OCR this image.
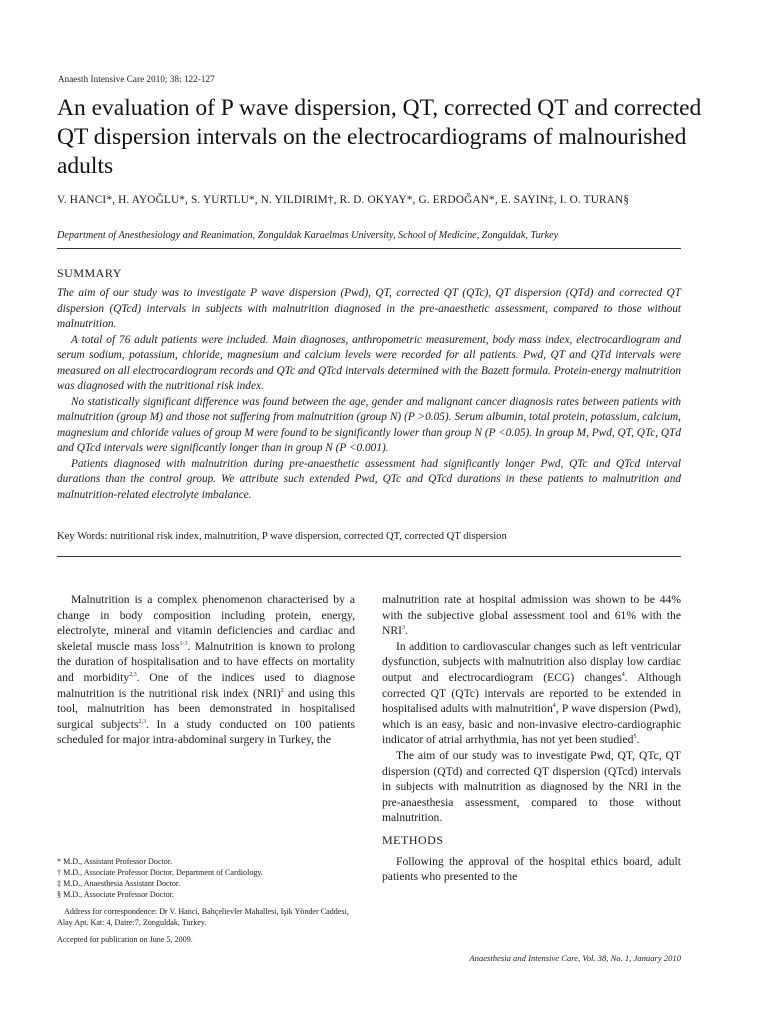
Anaesth Intensive Care 2010; 38: 122-127
An evaluation of P wave dispersion, QT, corrected QT and corrected QT dispersion intervals on the electrocardiograms of malnourished adults
V. HANCI*, H. AYOĞLU*, S. YURTLU*, N. YILDIRIM†, R. D. OKYAY*, G. ERDOĞAN*, E. SAYIN‡, I. O. TURAN§
Department of Anesthesiology and Reanimation, Zonguldak Karaelmas University, School of Medicine, Zonguldak, Turkey
SUMMARY

The aim of our study was to investigate P wave dispersion (Pwd), QT, corrected QT (QTc), QT dispersion (QTd) and corrected QT dispersion (QTcd) intervals in subjects with malnutrition diagnosed in the pre-anaesthetic assessment, compared to those without malnutrition.

A total of 76 adult patients were included. Main diagnoses, anthropometric measurement, body mass index, electrocardiogram and serum sodium, potassium, chloride, magnesium and calcium levels were recorded for all patients. Pwd, QT and QTd intervals were measured on all electrocardiogram records and QTc and QTcd intervals determined with the Bazett formula. Protein-energy malnutrition was diagnosed with the nutritional risk index.

No statistically significant difference was found between the age, gender and malignant cancer diagnosis rates between patients with malnutrition (group M) and those not suffering from malnutrition (group N) (P >0.05). Serum albumin, total protein, potassium, calcium, magnesium and chloride values of group M were found to be significantly lower than group N (P <0.05). In group M, Pwd, QT, QTc, QTd and QTcd intervals were significantly longer than in group N (P <0.001).

Patients diagnosed with malnutrition during pre-anaesthetic assessment had significantly longer Pwd, QTc and QTcd interval durations than the control group. We attribute such extended Pwd, QTc and QTcd durations in these patients to malnutrition and malnutrition-related electrolyte imbalance.

Key Words: nutritional risk index, malnutrition, P wave dispersion, corrected QT, corrected QT dispersion

Malnutrition is a complex phenomenon characterised by a change in body composition including protein, energy, electrolyte, mineral and vitamin deficiencies and cardiac and skeletal muscle mass loss$^{1-3}$. Malnutrition is known to prolong the duration of hospitalisation and to have effects on mortality and morbidity$^{2,3}$. One of the indices used to diagnose malnutrition is the nutritional risk index (NRI)$^2$ and using this tool, malnutrition has been demonstrated in hospitalised surgical subjects$^{2,3}$. In a study conducted on 100 patients scheduled for major intra-abdominal surgery in Turkey, the

malnutrition rate at hospital admission was shown to be 44% with the subjective global assessment tool and 61% with the NRI$^3$.

In addition to cardiovascular changes such as left ventricular dysfunction, subjects with malnutrition also display low cardiac output and electrocardiogram (ECG) changes$^4$. Although corrected QT (QTc) intervals are reported to be extended in hospitalised adults with malnutrition$^4$, P wave dispersion (Pwd), which is an easy, basic and non-invasive electro-cardiographic indicator of atrial arrhythmia, has not yet been studied$^5$.

The aim of our study was to investigate Pwd, QT, QTc, QT dispersion (QTd) and corrected QT dispersion (QTcd) intervals in subjects with malnutrition as diagnosed by the NRI in the pre-anaesthesia assessment, compared to those without malnutrition.

METHODS

Following the approval of the hospital ethics board, adult patients who presented to the

* M.D., Assistant Professor Doctor.

† M.D., Associate Professor Doctor, Department of Cardiology.

‡ M.D., Anaesthesia Assistant Doctor.

§ M.D., Associate Professor Doctor.

Address for correspondence: Dr V. Hanci, Bahçelievler Mahallesi, Işik Yönder Caddesi, Alay Apt. Kat: 4, Daire:7, Zonguldak, Turkey.

Accepted for publication on June 5, 2009.

Anaesthesia and Intensive Care, Vol. 38, No. 1, January 2010
